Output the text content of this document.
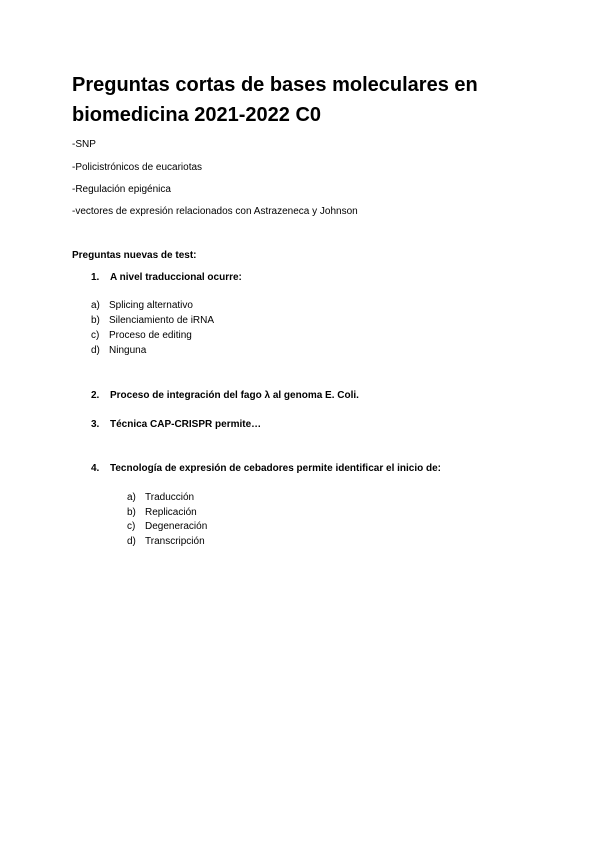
Preguntas cortas de bases moleculares en biomedicina 2021-2022 C0
-SNP
-Policistrónicos de eucariotas
-Regulación epigénica
-vectores de expresión relacionados con Astrazeneca y Johnson
Preguntas nuevas de test:
1. A nivel traduccional ocurre:
a) Splicing alternativo
b) Silenciamiento de iRNA
c) Proceso de editing
d) Ninguna
2. Proceso de integración del fago λ al genoma E. Coli.
3. Técnica CAP-CRISPR permite…
4. Tecnología de expresión de cebadores permite identificar el inicio de:
a) Traducción
b) Replicación
c) Degeneración
d) Transcripción
